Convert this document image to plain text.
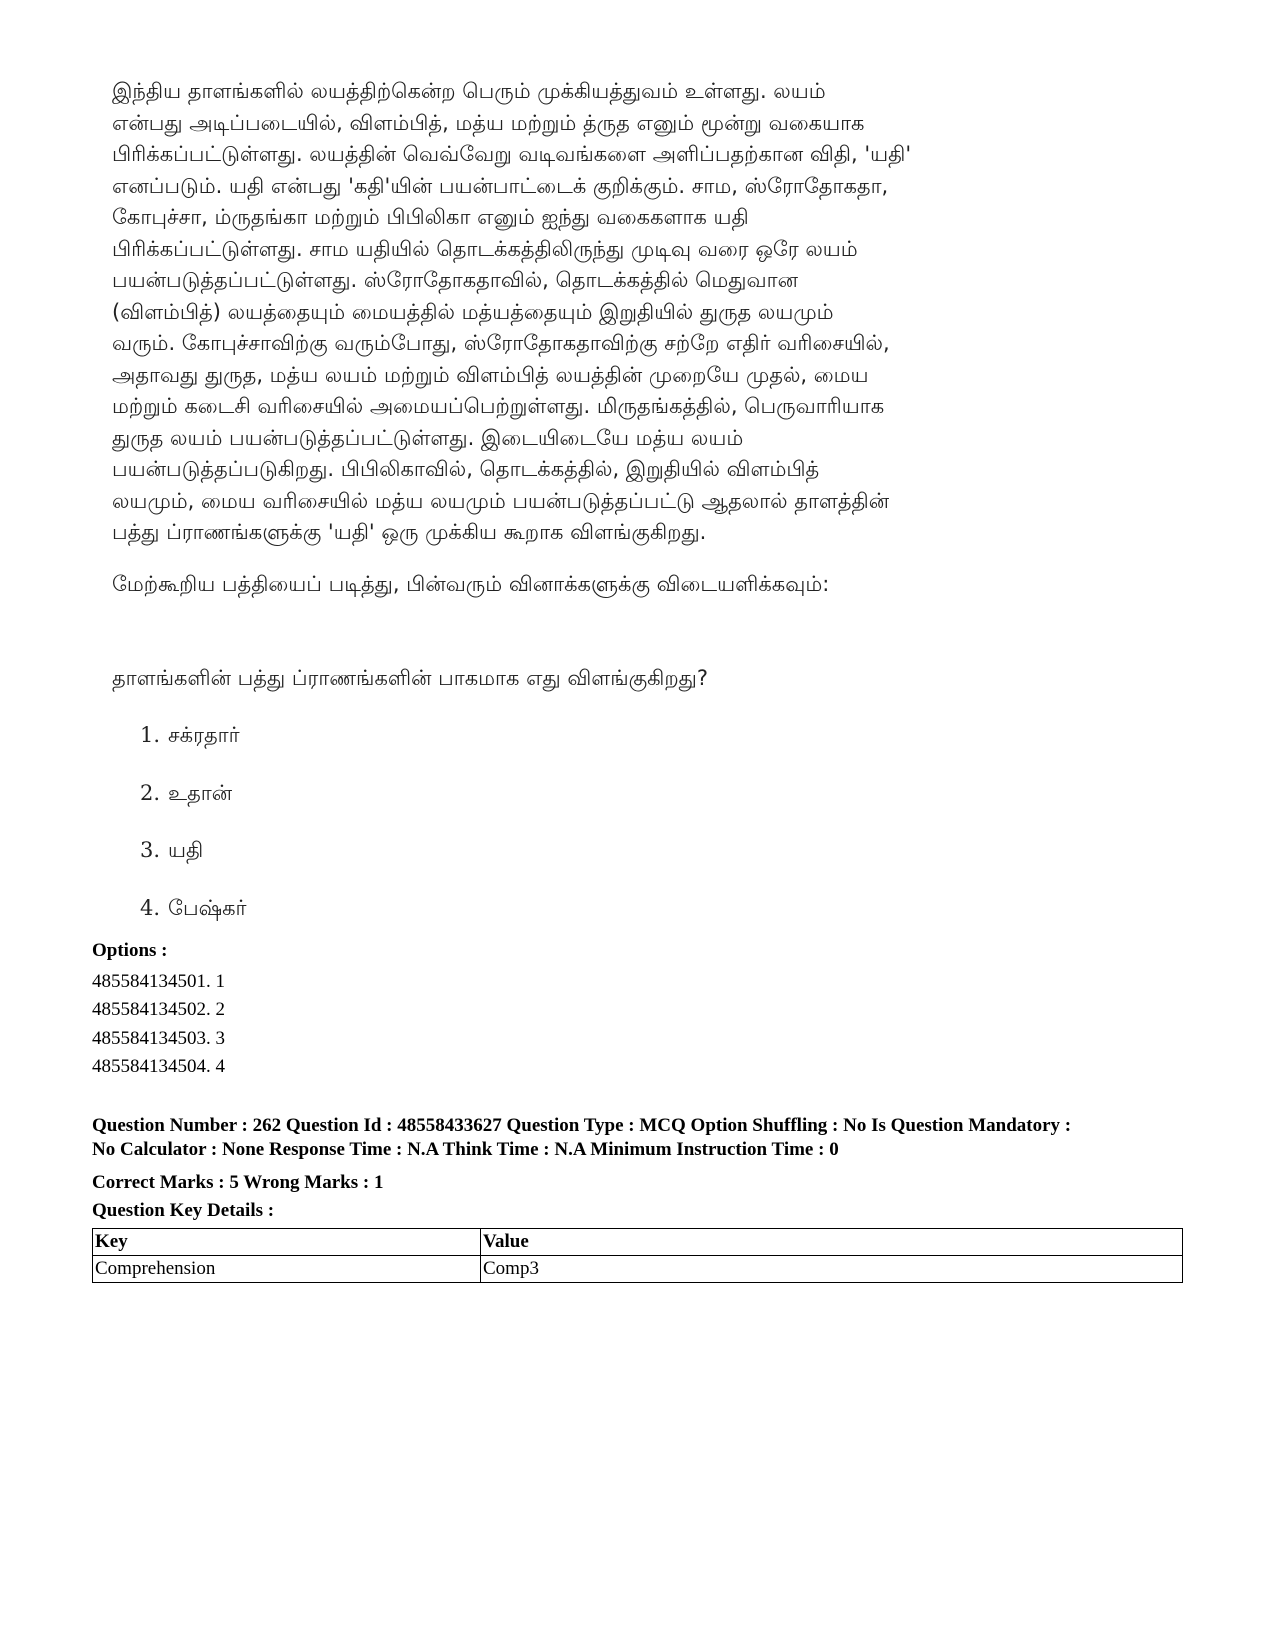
இந்திய தாளங்களில் லயத்திற்கென்ற பெரும் முக்கியத்துவம் உள்ளது. லயம்
என்பது அடிப்படையில், விளம்பித், மத்ய மற்றும் த்ருத எனும் மூன்று வகையாக
பிரிக்கப்பட்டுள்ளது. லயத்தின் வெவ்வேறு வடிவங்களை அளிப்பதற்கான விதி, 'யதி'
எனப்படும். யதி என்பது 'கதி'யின் பயன்பாட்டைக் குறிக்கும். சாம, ஸ்ரோதோகதா,
கோபுச்சா, ம்ருதங்கா மற்றும் பிபிலிகா எனும் ஐந்து வகைகளாக யதி
பிரிக்கப்பட்டுள்ளது. சாம யதியில் தொடக்கத்திலிருந்து முடிவு வரை ஒரே லயம்
பயன்படுத்தப்பட்டுள்ளது. ஸ்ரோதோகதாவில், தொடக்கத்தில் மெதுவான
(விளம்பித்) லயத்தையும் மையத்தில் மத்யத்தையும் இறுதியில் துருத லயமும்
வரும். கோபுச்சாவிற்கு வரும்போது, ஸ்ரோதோகதாவிற்கு சற்றே எதிர் வரிசையில்,
அதாவது துருத, மத்ய லயம் மற்றும் விளம்பித் லயத்தின் முறையே முதல், மைய
மற்றும் கடைசி வரிசையில் அமையப்பெற்றுள்ளது. மிருதங்கத்தில், பெருவாரியாக
துருத லயம் பயன்படுத்தப்பட்டுள்ளது. இடையிடையே மத்ய லயம்
பயன்படுத்தப்படுகிறது. பிபிலிகாவில், தொடக்கத்தில், இறுதியில் விளம்பித்
லயமும், மைய வரிசையில் மத்ய லயமும் பயன்படுத்தப்பட்டு ஆதலால் தாளத்தின்
பத்து ப்ராணங்களுக்கு 'யதி' ஒரு முக்கிய கூறாக விளங்குகிறது.
மேற்கூறிய பத்தியைப் படித்து, பின்வரும் வினாக்களுக்கு விடையளிக்கவும்:
தாளங்களின் பத்து ப்ராணங்களின் பாகமாக எது விளங்குகிறது?
1. சக்ரதார்
2. உதான்
3. யதி
4. பேஷ்கர்
Options :
485584134501. 1
485584134502. 2
485584134503. 3
485584134504. 4
Question Number : 262 Question Id : 48558433627 Question Type : MCQ Option Shuffling : No Is Question Mandatory :
No Calculator : None Response Time : N.A Think Time : N.A Minimum Instruction Time : 0
Correct Marks : 5 Wrong Marks : 1
Question Key Details :
Key	Value
Comprehension	Comp3
